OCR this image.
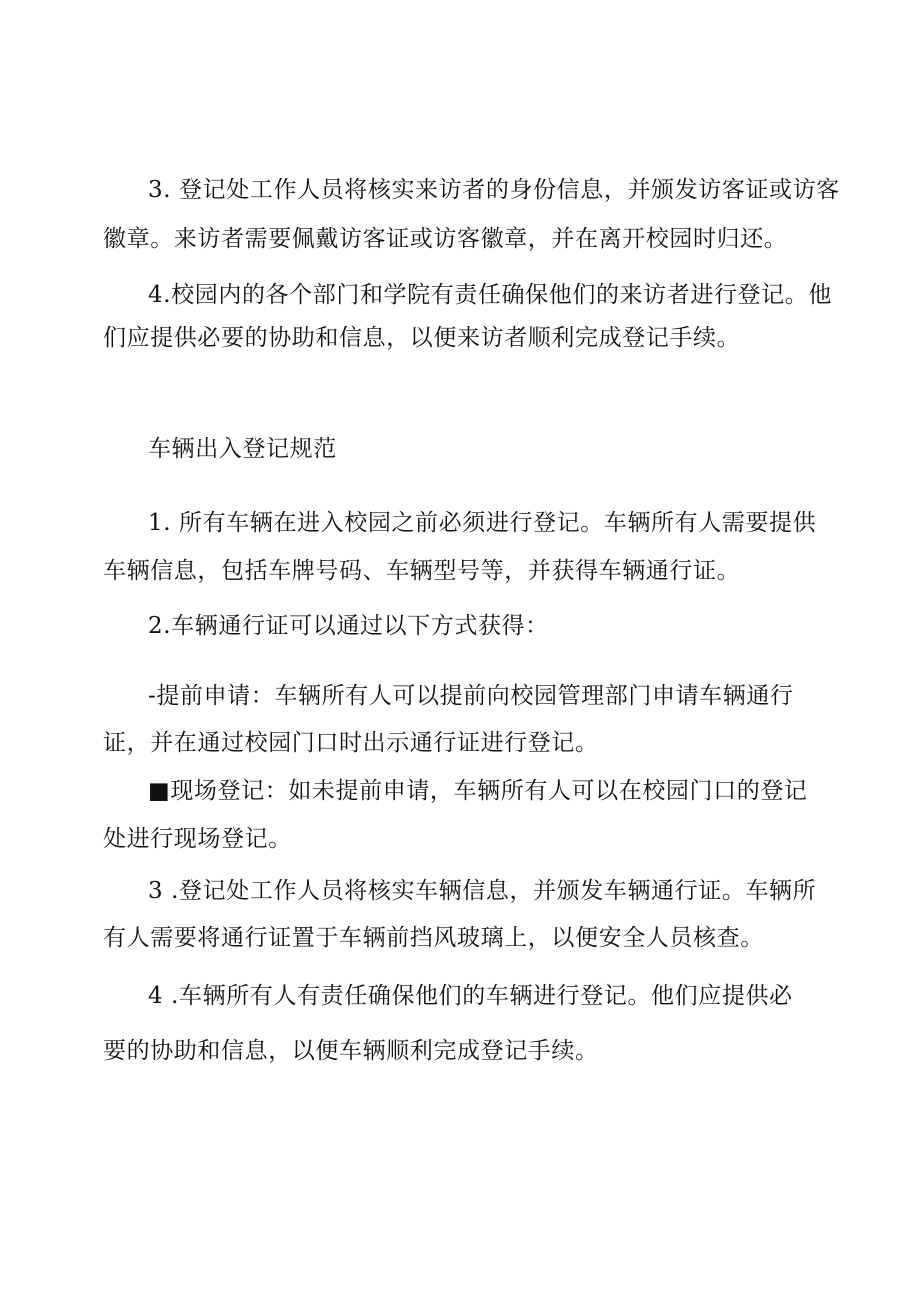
3. 登记处工作人员将核实来访者的身份信息，并颁发访客证或访客
徽章。来访者需要佩戴访客证或访客徽章，并在离开校园时归还。
4.校园内的各个部门和学院有责任确保他们的来访者进行登记。他
们应提供必要的协助和信息，以便来访者顺利完成登记手续。
车辆出入登记规范
1. 所有车辆在进入校园之前必须进行登记。车辆所有人需要提供
车辆信息，包括车牌号码、车辆型号等，并获得车辆通行证。
2.车辆通行证可以通过以下方式获得：
-提前申请：车辆所有人可以提前向校园管理部门申请车辆通行
证，并在通过校园门口时出示通行证进行登记。
■现场登记：如未提前申请，车辆所有人可以在校园门口的登记
处进行现场登记。
3 .登记处工作人员将核实车辆信息，并颁发车辆通行证。车辆所
有人需要将通行证置于车辆前挡风玻璃上，以便安全人员核查。
4 .车辆所有人有责任确保他们的车辆进行登记。他们应提供必
要的协助和信息，以便车辆顺利完成登记手续。
